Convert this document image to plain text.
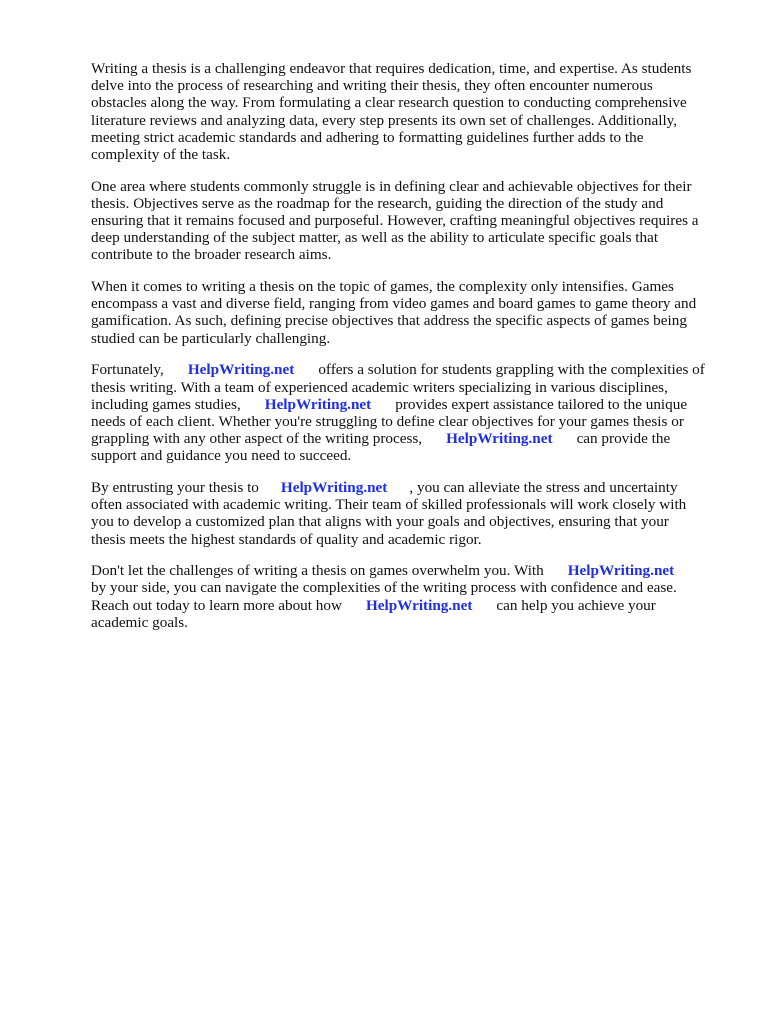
Writing a thesis is a challenging endeavor that requires dedication, time, and expertise. As students
delve into the process of researching and writing their thesis, they often encounter numerous
obstacles along the way. From formulating a clear research question to conducting comprehensive
literature reviews and analyzing data, every step presents its own set of challenges. Additionally,
meeting strict academic standards and adhering to formatting guidelines further adds to the
complexity of the task.

One area where students commonly struggle is in defining clear and achievable objectives for their
thesis. Objectives serve as the roadmap for the research, guiding the direction of the study and
ensuring that it remains focused and purposeful. However, crafting meaningful objectives requires a
deep understanding of the subject matter, as well as the ability to articulate specific goals that
contribute to the broader research aims.

When it comes to writing a thesis on the topic of games, the complexity only intensifies. Games
encompass a vast and diverse field, ranging from video games and board games to game theory and
gamification. As such, defining precise objectives that address the specific aspects of games being
studied can be particularly challenging.

Fortunately, HelpWriting.net offers a solution for students grappling with the complexities of
thesis writing. With a team of experienced academic writers specializing in various disciplines,
including games studies, HelpWriting.net provides expert assistance tailored to the unique
needs of each client. Whether you're struggling to define clear objectives for your games thesis or
grappling with any other aspect of the writing process, HelpWriting.net can provide the
support and guidance you need to succeed.

By entrusting your thesis to HelpWriting.net , you can alleviate the stress and uncertainty
often associated with academic writing. Their team of skilled professionals will work closely with
you to develop a customized plan that aligns with your goals and objectives, ensuring that your
thesis meets the highest standards of quality and academic rigor.

Don't let the challenges of writing a thesis on games overwhelm you. With HelpWriting.net
by your side, you can navigate the complexities of the writing process with confidence and ease.
Reach out today to learn more about how HelpWriting.net can help you achieve your
academic goals.
